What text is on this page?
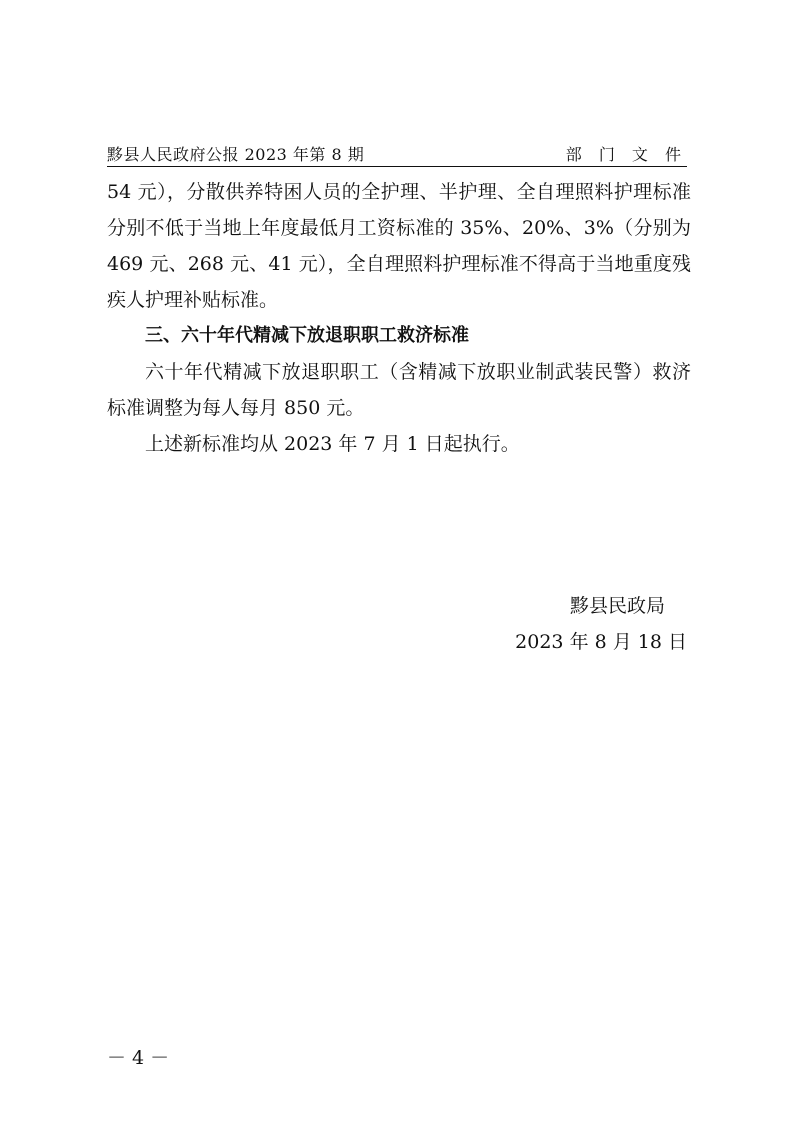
黟县人民政府公报 2023 年第 8 期	部 门 文 件

54 元），分散供养特困人员的全护理、半护理、全自理照料护理标准分别不低于当地上年度最低月工资标准的 35%、20%、3%（分别为 469 元、268 元、41 元），全自理照料护理标准不得高于当地重度残疾人护理补贴标准。

三、六十年代精减下放退职职工救济标准

六十年代精减下放退职职工（含精减下放职业制武装民警）救济标准调整为每人每月 850 元。

上述新标准均从 2023 年 7 月 1 日起执行。

黟县民政局
2023 年 8 月 18 日
－ 4 －
